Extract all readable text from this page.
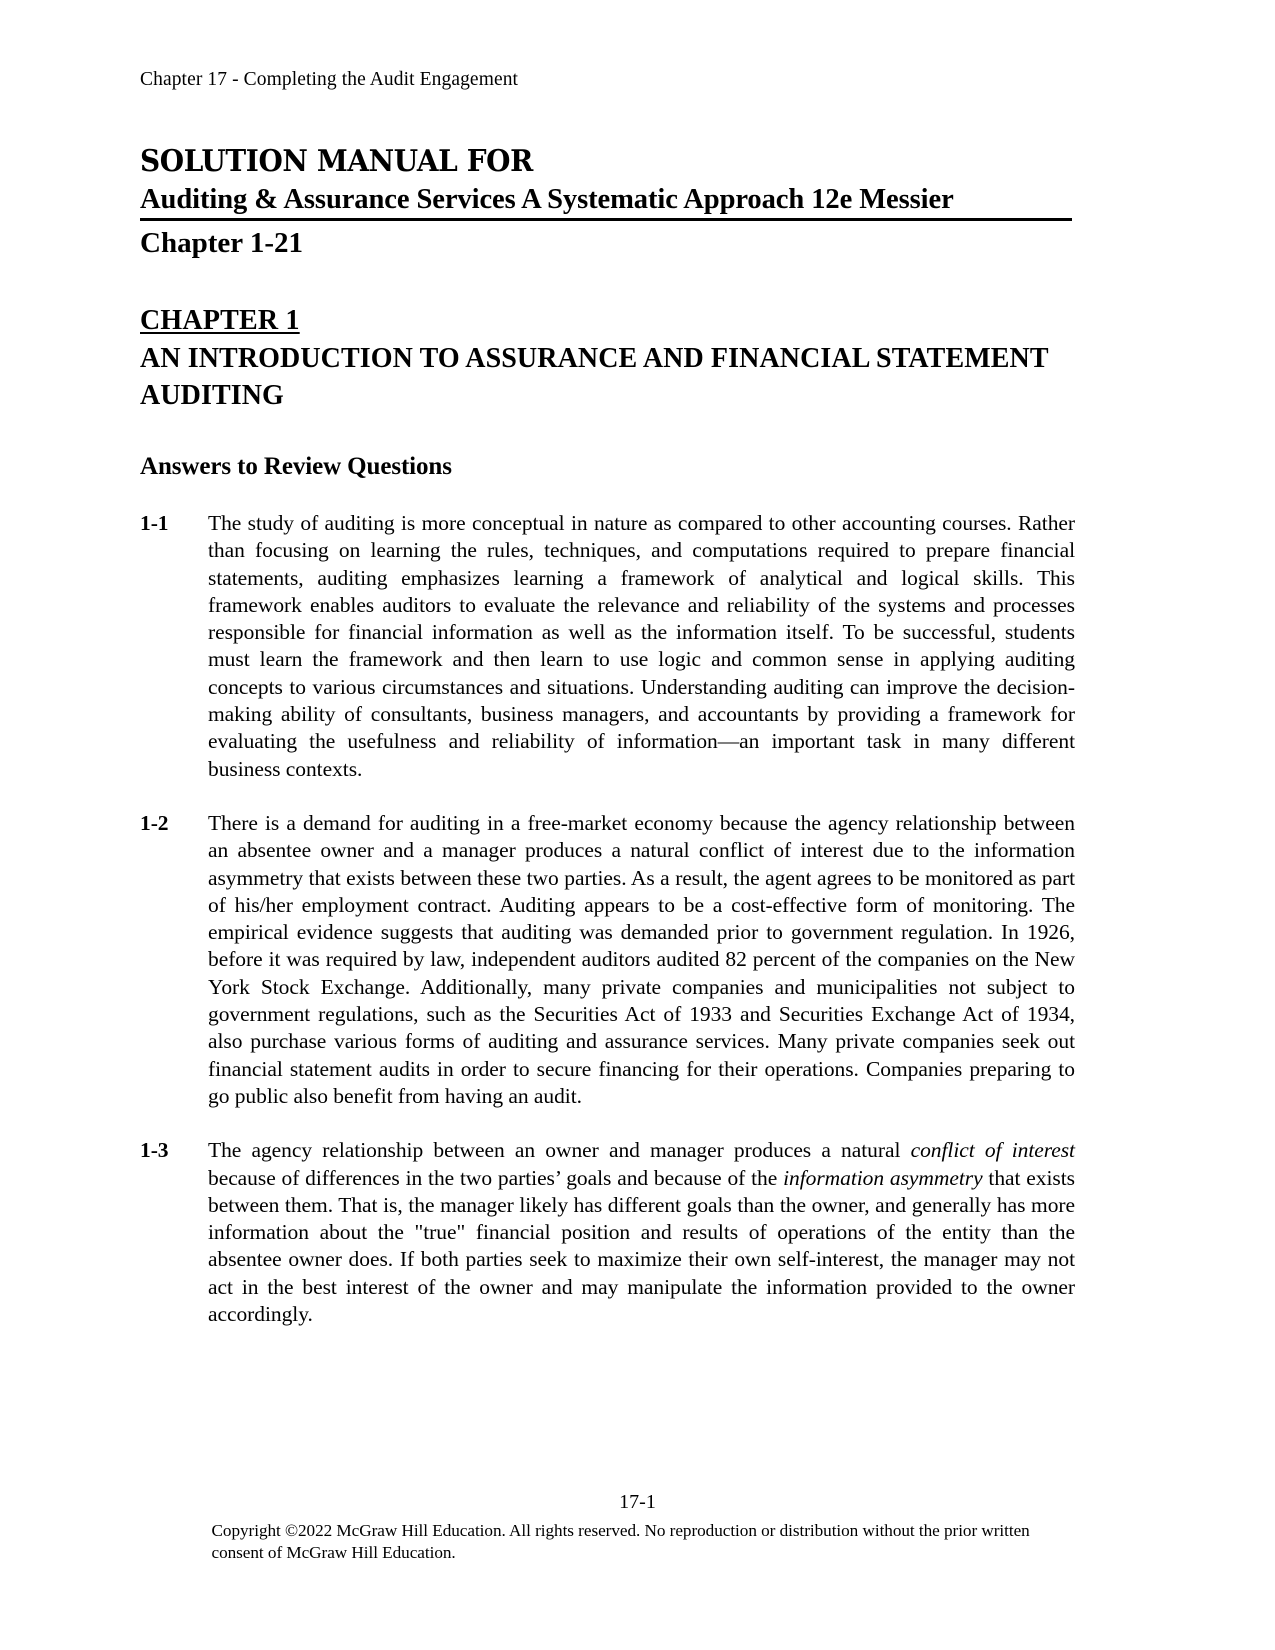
Chapter 17 - Completing the Audit Engagement
SOLUTION MANUAL FOR
Auditing & Assurance Services A Systematic Approach 12e Messier
Chapter 1-21
CHAPTER 1
AN INTRODUCTION TO ASSURANCE AND FINANCIAL STATEMENT AUDITING
Answers to Review Questions
1-1 The study of auditing is more conceptual in nature as compared to other accounting courses. Rather than focusing on learning the rules, techniques, and computations required to prepare financial statements, auditing emphasizes learning a framework of analytical and logical skills. This framework enables auditors to evaluate the relevance and reliability of the systems and processes responsible for financial information as well as the information itself. To be successful, students must learn the framework and then learn to use logic and common sense in applying auditing concepts to various circumstances and situations. Understanding auditing can improve the decision-making ability of consultants, business managers, and accountants by providing a framework for evaluating the usefulness and reliability of information—an important task in many different business contexts.
1-2 There is a demand for auditing in a free-market economy because the agency relationship between an absentee owner and a manager produces a natural conflict of interest due to the information asymmetry that exists between these two parties. As a result, the agent agrees to be monitored as part of his/her employment contract. Auditing appears to be a cost-effective form of monitoring. The empirical evidence suggests that auditing was demanded prior to government regulation. In 1926, before it was required by law, independent auditors audited 82 percent of the companies on the New York Stock Exchange. Additionally, many private companies and municipalities not subject to government regulations, such as the Securities Act of 1933 and Securities Exchange Act of 1934, also purchase various forms of auditing and assurance services. Many private companies seek out financial statement audits in order to secure financing for their operations. Companies preparing to go public also benefit from having an audit.
1-3 The agency relationship between an owner and manager produces a natural conflict of interest because of differences in the two parties’ goals and because of the information asymmetry that exists between them. That is, the manager likely has different goals than the owner, and generally has more information about the "true" financial position and results of operations of the entity than the absentee owner does. If both parties seek to maximize their own self-interest, the manager may not act in the best interest of the owner and may manipulate the information provided to the owner accordingly.
17-1
Copyright ©2022 McGraw Hill Education. All rights reserved. No reproduction or distribution without the prior written consent of McGraw Hill Education.
